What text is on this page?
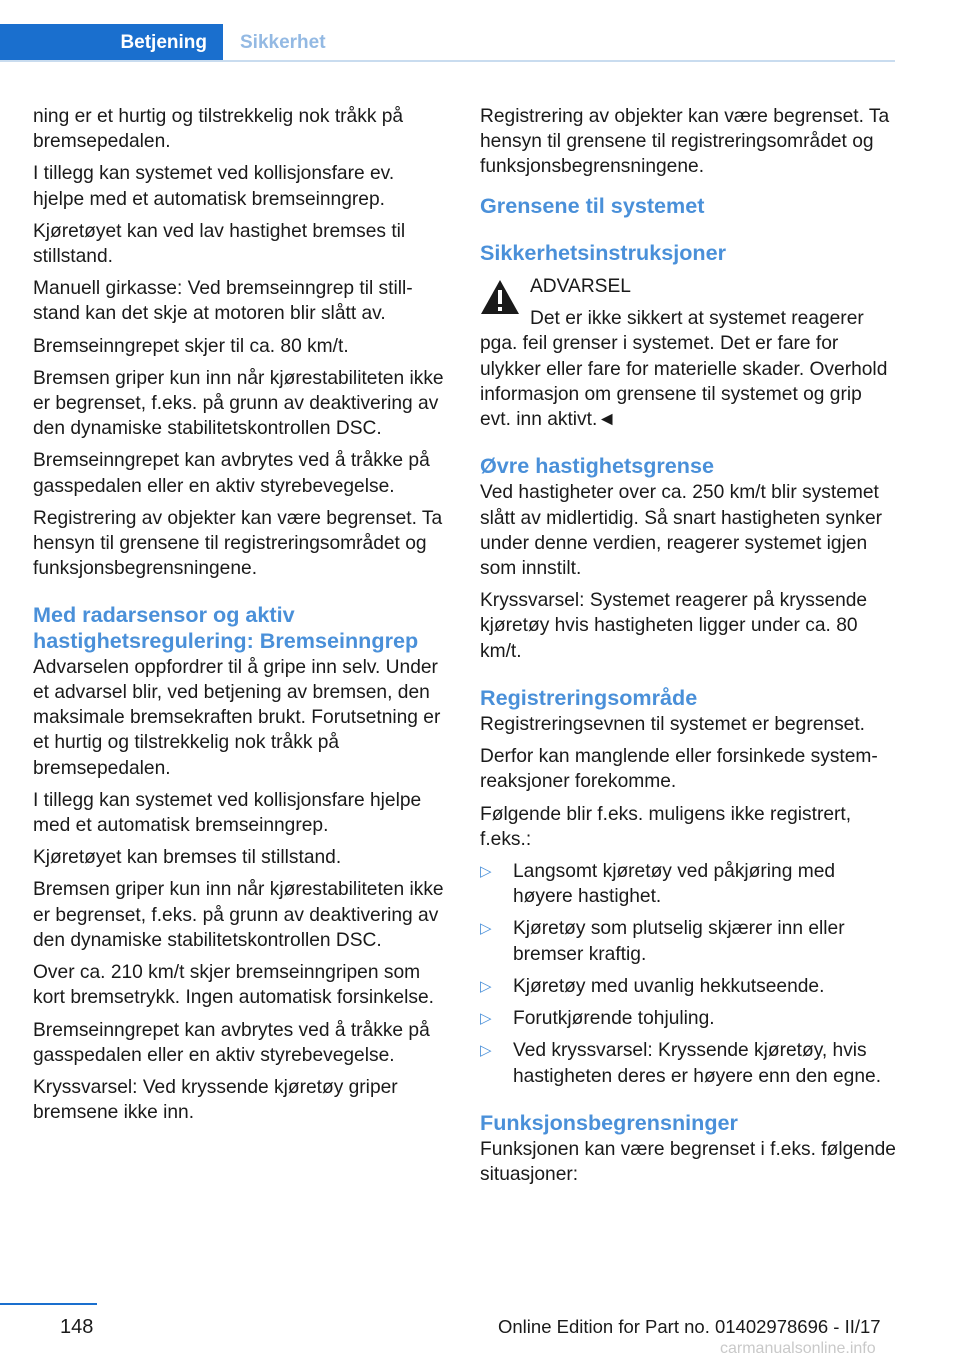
Betjening	Sikkerhet

ning er et hurtig og tilstrekkelig nok tråkk på bremsepedalen.

I tillegg kan systemet ved kollisjonsfare ev. hjelpe med et automatisk bremseinngrep.

Kjøretøyet kan ved lav hastighet bremses til stillstand.

Manuell girkasse: Ved bremseinngrep til stillstand kan det skje at motoren blir slått av.

Bremseinngrepet skjer til ca. 80 km/t.

Bremsen griper kun inn når kjørestabiliteten ikke er begrenset, f.eks. på grunn av deaktivering av den dynamiske stabilitetskontrollen DSC.

Bremseinngrepet kan avbrytes ved å tråkke på gasspedalen eller en aktiv styrebevegelse.

Registrering av objekter kan være begrenset. Ta hensyn til grensene til registreringsområdet og funksjonsbegrensningene.

Med radarsensor og aktiv hastighetsregulering: Bremseinngrep

Advarselen oppfordrer til å gripe inn selv. Under et advarsel blir, ved betjening av bremsen, den maksimale bremsekraften brukt. Forutsetning er et hurtig og tilstrekkelig nok tråkk på bremsepedalen.

I tillegg kan systemet ved kollisjonsfare hjelpe med et automatisk bremseinngrep.

Kjøretøyet kan bremses til stillstand.

Bremsen griper kun inn når kjørestabiliteten ikke er begrenset, f.eks. på grunn av deaktivering av den dynamiske stabilitetskontrollen DSC.

Over ca. 210 km/t skjer bremseinngripen som kort bremsetrykk. Ingen automatisk forsinkelse.

Bremseinngrepet kan avbrytes ved å tråkke på gasspedalen eller en aktiv styrebevegelse.

Kryssvarsel: Ved kryssende kjøretøy griper bremsene ikke inn.

Registrering av objekter kan være begrenset. Ta hensyn til grensene til registreringsområdet og funksjonsbegrensningene.

Grensene til systemet
Sikkerhetsinstruksjoner
ADVARSEL
Det er ikke sikkert at systemet reagerer
pga. feil grenser i systemet. Det er fare for ulykker eller fare for materielle skader. Overhold informasjon om grensene til systemet og grip evt. inn aktivt.◄
Øvre hastighetsgrense

Ved hastigheter over ca. 250 km/t blir systemet slått av midlertidig. Så snart hastigheten synker under denne verdien, reagerer systemet igjen som innstilt.

Kryssvarsel: Systemet reagerer på kryssende kjøretøy hvis hastigheten ligger under ca. 80 km/t.

Registreringsområde

Registreringsevnen til systemet er begrenset.

Derfor kan manglende eller forsinkede systemreaksjoner forekomme.

Følgende blir f.eks. muligens ikke registrert, f.eks.:

▷ Langsomt kjøretøy ved påkjøring med høyere hastighet.
▷ Kjøretøy som plutselig skjærer inn eller bremser kraftig.
▷ Kjøretøy med uvanlig hekkutseende.
▷ Forutkjørende tohjuling.
▷ Ved kryssvarsel: Kryssende kjøretøy, hvis hastigheten deres er høyere enn den egne.
Funksjonsbegrensninger

Funksjonen kan være begrenset i f.eks. følgende situasjoner:

148	Online Edition for Part no. 01402978696 - II/17
carmanualsonline.info
